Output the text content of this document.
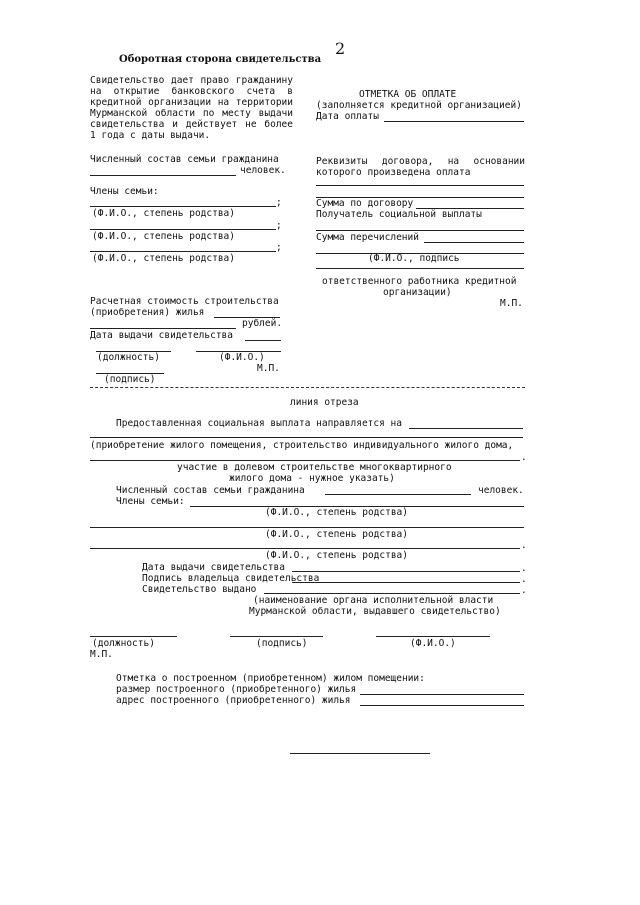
2
Оборотная сторона свидетельства
Свидетельство дает право гражданину
на открытие банковского счета в
кредитной организации на территории
Мурманской области по месту выдачи
свидетельства и действует не более
1 года с даты выдачи.
Численный состав семьи гражданина
человек.
Члены семьи:
;
(Ф.И.О., степень родства)
;
(Ф.И.О., степень родства)
;
(Ф.И.О., степень родства)
Расчетная стоимость строительства
(приобретения) жилья
рублей.
Дата выдачи свидетельства
(должность)	(Ф.И.О.)
М.П.
(подпись)
ОТМЕТКА ОБ ОПЛАТЕ
(заполняется кредитной организацией)
Дата оплаты
Реквизиты договора, на основании
которого произведена оплата
Сумма по договору
Получатель социальной выплаты
Сумма перечислений
(Ф.И.О., подпись
ответственного работника кредитной
организации)
М.П.
линия отреза
Предоставленная социальная выплата направляется на
(приобретение жилого помещения, строительство индивидуального жилого дома,
.
участие в долевом строительстве многоквартирного
жилого дома - нужное указать)
Численный состав семьи гражданина	человек.
Члены семьи:
(Ф.И.О., степень родства)
(Ф.И.О., степень родства)
.
(Ф.И.О., степень родства)
Дата выдачи свидетельства	.
Подпись владельца свидетельства	.
Свидетельство выдано	.
(наименование органа исполнительной власти
Мурманской области, выдавшего свидетельство)
(должность)	(подпись)	(Ф.И.О.)
М.П.
Отметка о построенном (приобретенном) жилом помещении:
размер построенного (приобретенного) жилья
адрес построенного (приобретенного) жилья
